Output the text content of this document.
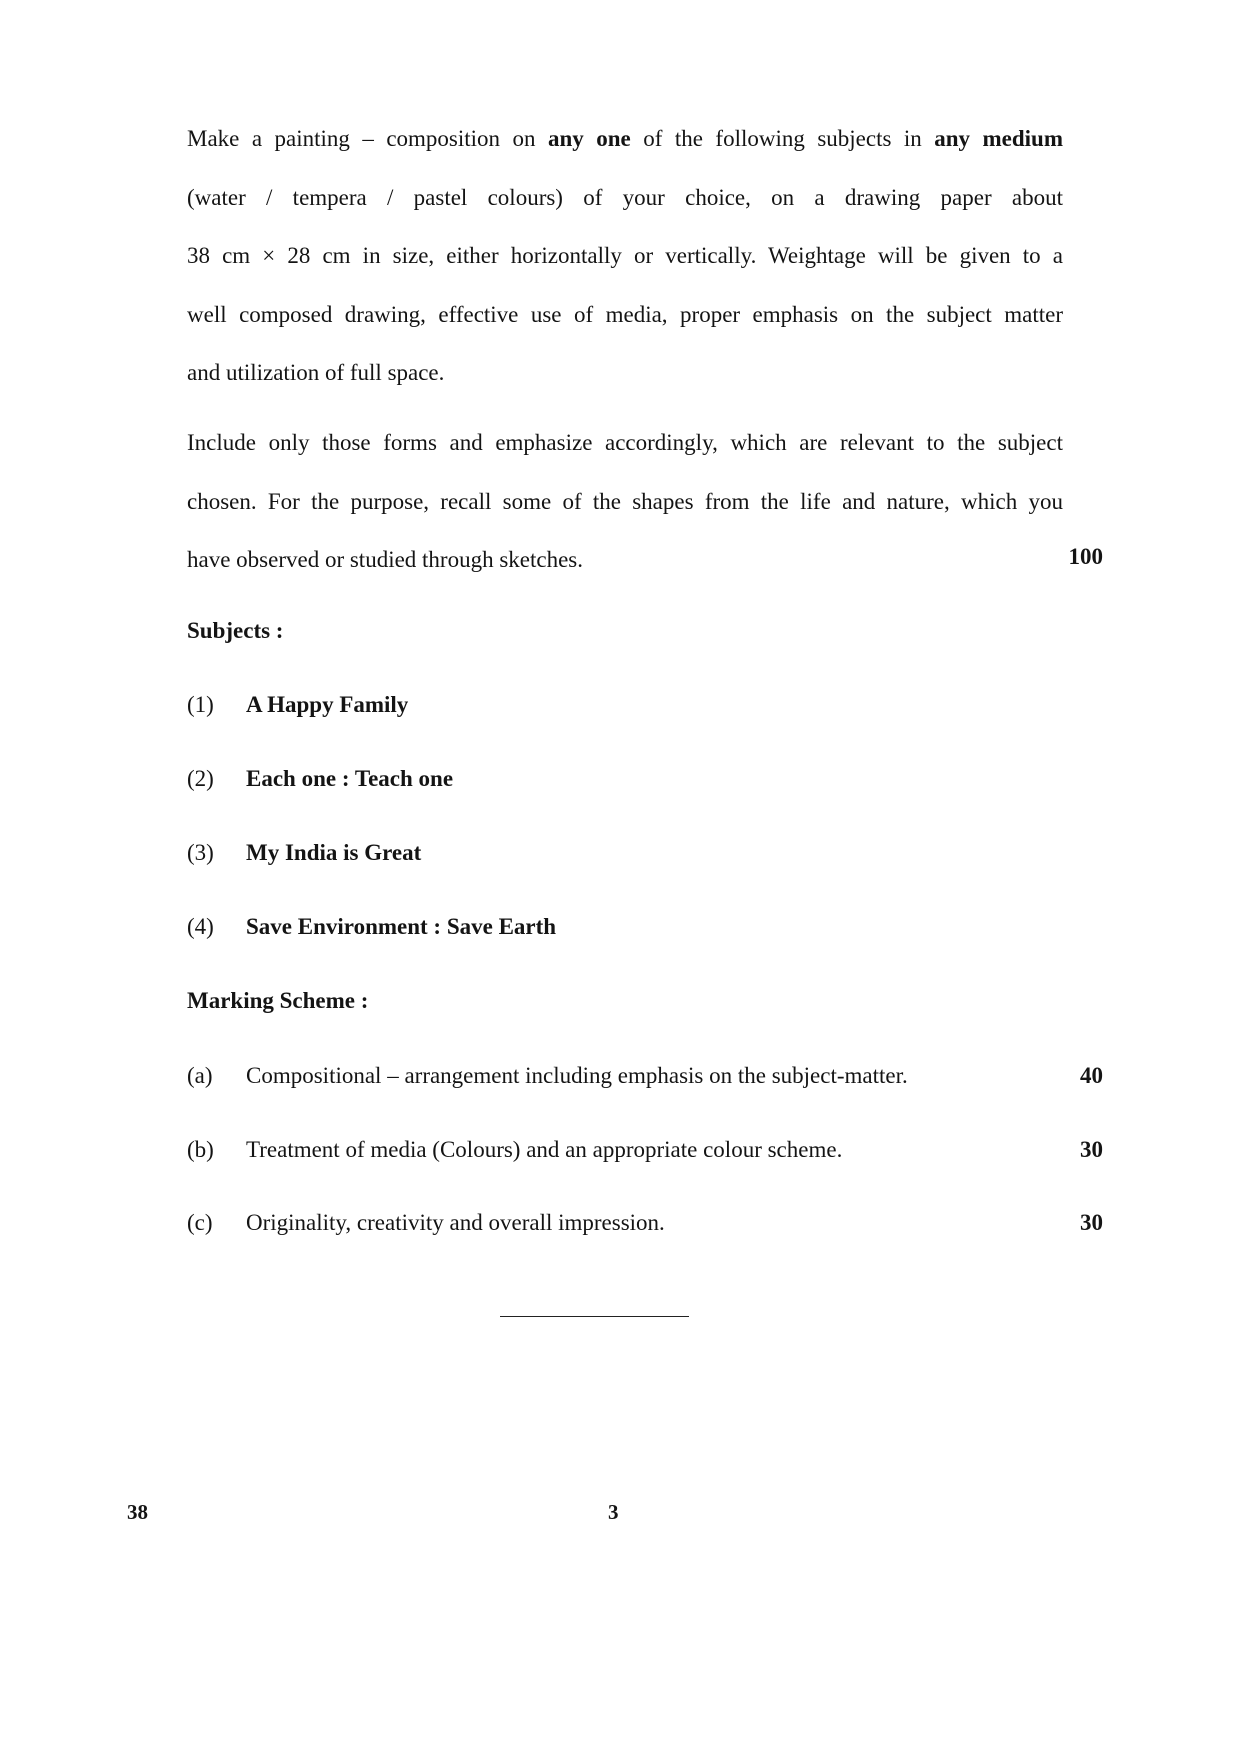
Make a painting – composition on any one of the following subjects in any medium
(water / tempera / pastel colours) of your choice, on a drawing paper about
38 cm × 28 cm in size, either horizontally or vertically. Weightage will be given to a
well composed drawing, effective use of media, proper emphasis on the subject matter
and utilization of full space.
Include only those forms and emphasize accordingly, which are relevant to the subject
chosen. For the purpose, recall some of the shapes from the life and nature, which you
have observed or studied through sketches.	100
Subjects :
(1) A Happy Family
(2) Each one : Teach one
(3) My India is Great
(4) Save Environment : Save Earth
Marking Scheme :
(a) Compositional – arrangement including emphasis on the subject-matter.	40
(b) Treatment of media (Colours) and an appropriate colour scheme.	30
(c) Originality, creativity and overall impression.	30
38	3
